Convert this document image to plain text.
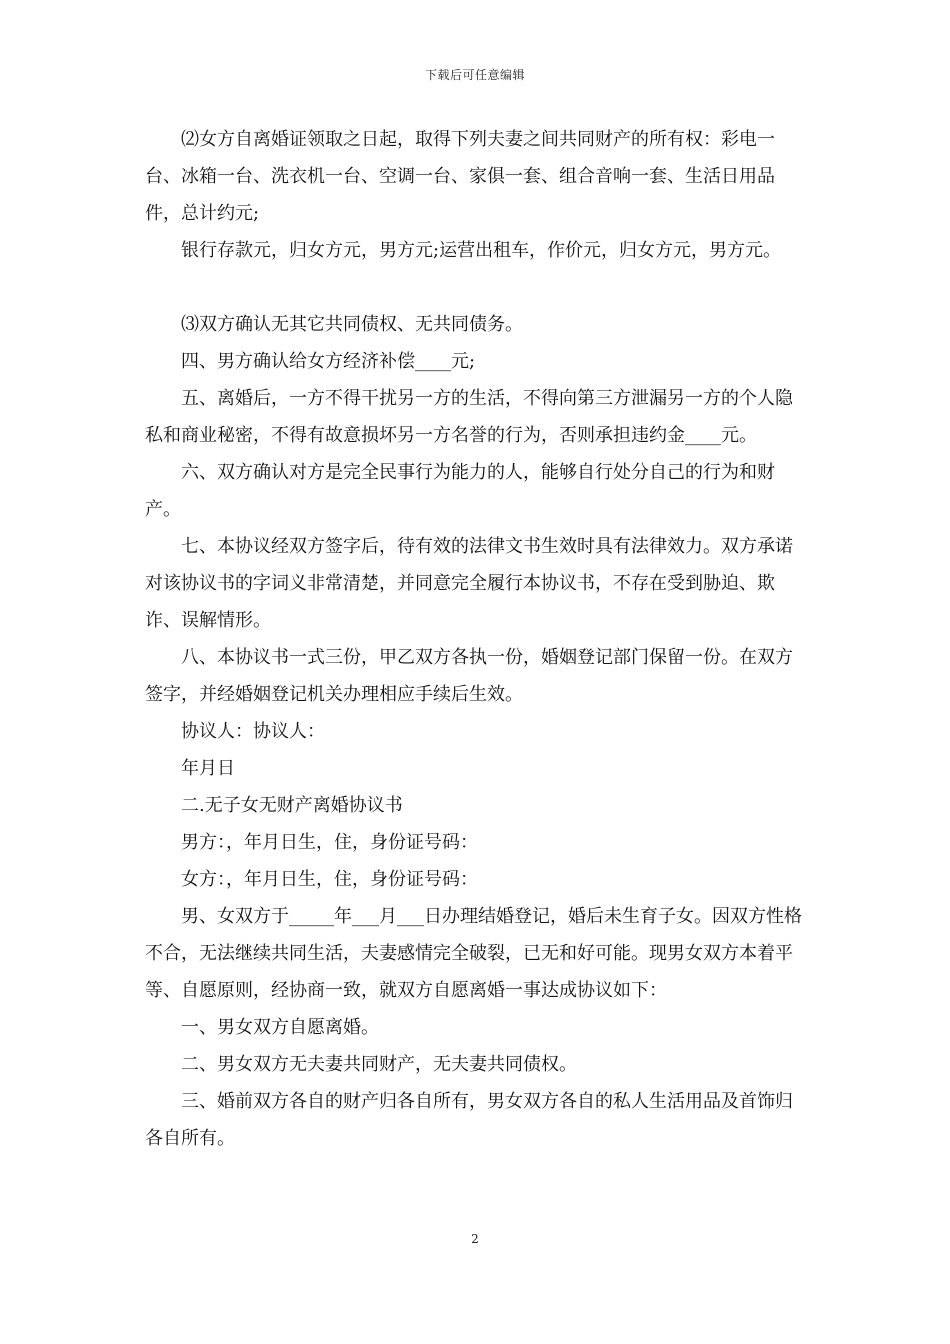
下载后可任意编辑

⑵女方自离婚证领取之日起，取得下列夫妻之间共同财产的所有权：彩电一台、冰箱一台、洗衣机一台、空调一台、家俱一套、组合音响一套、生活日用品件，总计约元;

银行存款元，归女方元，男方元;运营出租车，作价元，归女方元，男方元。

⑶双方确认无其它共同债权、无共同债务。

四、男方确认给女方经济补偿____元;

五、离婚后，一方不得干扰另一方的生活，不得向第三方泄漏另一方的个人隐私和商业秘密，不得有故意损坏另一方名誉的行为，否则承担违约金____元。

六、双方确认对方是完全民事行为能力的人，能够自行处分自己的行为和财产。

七、本协议经双方签字后，待有效的法律文书生效时具有法律效力。双方承诺对该协议书的字词义非常清楚，并同意完全履行本协议书，不存在受到胁迫、欺诈、误解情形。

八、本协议书一式三份，甲乙双方各执一份，婚姻登记部门保留一份。在双方签字，并经婚姻登记机关办理相应手续后生效。

协议人：协议人：

年月日

二.无子女无财产离婚协议书

男方：，年月日生，住，身份证号码：

女方：，年月日生，住，身份证号码：

男、女双方于_____年___月___日办理结婚登记，婚后未生育子女。因双方性格不合，无法继续共同生活，夫妻感情完全破裂，已无和好可能。现男女双方本着平等、自愿原则，经协商一致，就双方自愿离婚一事达成协议如下：

一、男女双方自愿离婚。

二、男女双方无夫妻共同财产，无夫妻共同债权。

三、婚前双方各自的财产归各自所有，男女双方各自的私人生活用品及首饰归各自所有。

2
